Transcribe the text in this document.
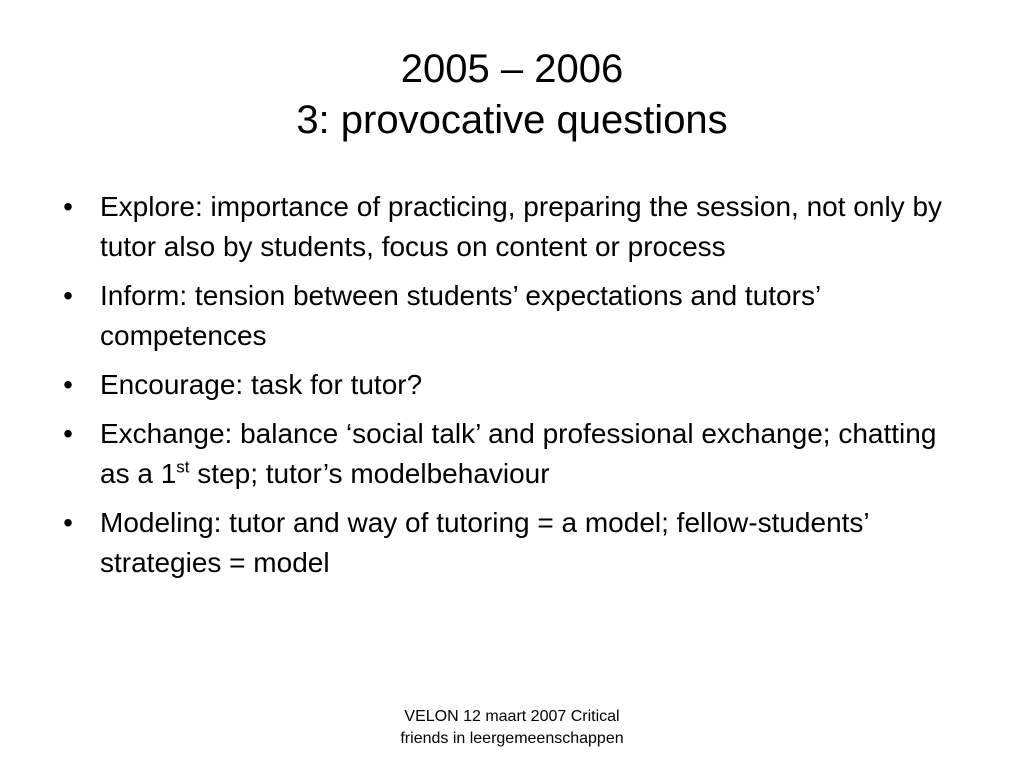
2005 – 2006
3: provocative questions
• Explore: importance of practicing, preparing the session, not only by tutor also by students, focus on content or process
• Inform: tension between students’ expectations and tutors’ competences
• Encourage: task for tutor?
• Exchange: balance ‘social talk’ and professional exchange; chatting as a 1st step; tutor’s modelbehaviour
• Modeling: tutor and way of tutoring = a model; fellow-students’ strategies = model
VELON 12 maart 2007 Critical
friends in leergemeenschappen
